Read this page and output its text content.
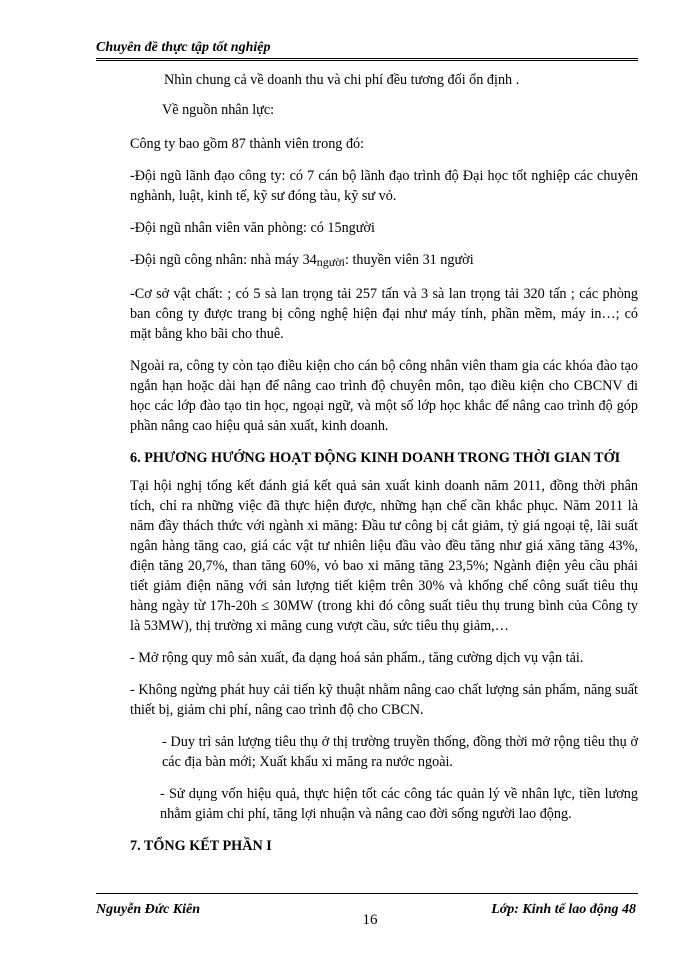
Chuyên đề thực tập tốt nghiệp

Nhìn chung cả về doanh thu và chi phí đều tương đối ổn định .

Về nguồn nhân lực:

Công ty bao gồm 87 thành viên trong đó:

-Đội ngũ lãnh đạo công ty: có 7 cán bộ lãnh đạo trình độ Đại học tốt nghiệp các chuyên nghành, luật, kinh tế, kỹ sư đóng tàu, kỹ sư vỏ.

-Đội ngũ nhân viên văn phòng: có 15người

-Đội ngũ công nhân: nhà máy 34người: thuyền viên 31 người

-Cơ sở vật chất: ; có 5 sà lan trọng tải 257 tấn và 3 sà lan trọng tải 320 tấn ; các phòng ban công ty được trang bị công nghệ hiện đại như máy tính, phần mềm, máy in…; có mặt bằng kho bãi cho thuê.

Ngoài ra, công ty còn tạo điều kiện cho cán bộ công nhân viên tham gia các khóa đào tạo ngắn hạn hoặc dài hạn để nâng cao trình độ chuyên môn, tạo điều kiện cho CBCNV đi học các lớp đào tạo tin học, ngoại ngữ, và một số lớp học khắc để nâng cao trình độ góp phần nâng cao hiệu quả sản xuất, kinh doanh.

6. PHƯƠNG HƯỚNG HOẠT ĐỘNG KINH DOANH TRONG THỜI GIAN TỚI

Tại hội nghị tổng kết đánh giá kết quả sản xuất kinh doanh năm 2011, đồng thời phân tích, chỉ ra những việc đã thực hiện được, những hạn chế cần khắc phục. Năm 2011 là năm đầy thách thức với ngành xi măng: Đầu tư công bị cắt giảm, tỷ giá ngoại tệ, lãi suất ngân hàng tăng cao, giá các vật tư nhiên liệu đầu vào đều tăng như giá xăng tăng 43%, điện tăng 20,7%, than tăng 60%, vỏ bao xi măng tăng 23,5%; Ngành điện yêu cầu phải tiết giảm điện năng với sản lượng tiết kiệm trên 30% và khống chế công suất tiêu thụ hàng ngày từ 17h-20h ≤ 30MW (trong khi đó công suất tiêu thụ trung bình của Công ty là 53MW), thị trường xi măng cung vượt cầu, sức tiêu thụ giảm,…

- Mở rộng quy mô sản xuất, đa dạng hoá sản phẩm., tăng cường dịch vụ vận tải.

- Không ngừng phát huy cải tiến kỹ thuật nhằm nâng cao chất lượng sản phẩm, năng suất thiết bị, giảm chi phí, nâng cao trình độ cho CBCN.

- Duy trì sản lượng tiêu thụ ở thị trường truyền thống, đồng thời mở rộng tiêu thụ ở các địa bàn mới; Xuất khẩu xi măng ra nước ngoài.

- Sử dụng vốn hiệu quả, thực hiện tốt các công tác quản lý về nhân lực, tiền lương nhằm giảm chi phí, tăng lợi nhuận và nâng cao đời sống người lao động.

7. TỔNG KẾT PHẦN I
Nguyễn Đức Kiên
16
Lớp: Kinh tế lao động 48
